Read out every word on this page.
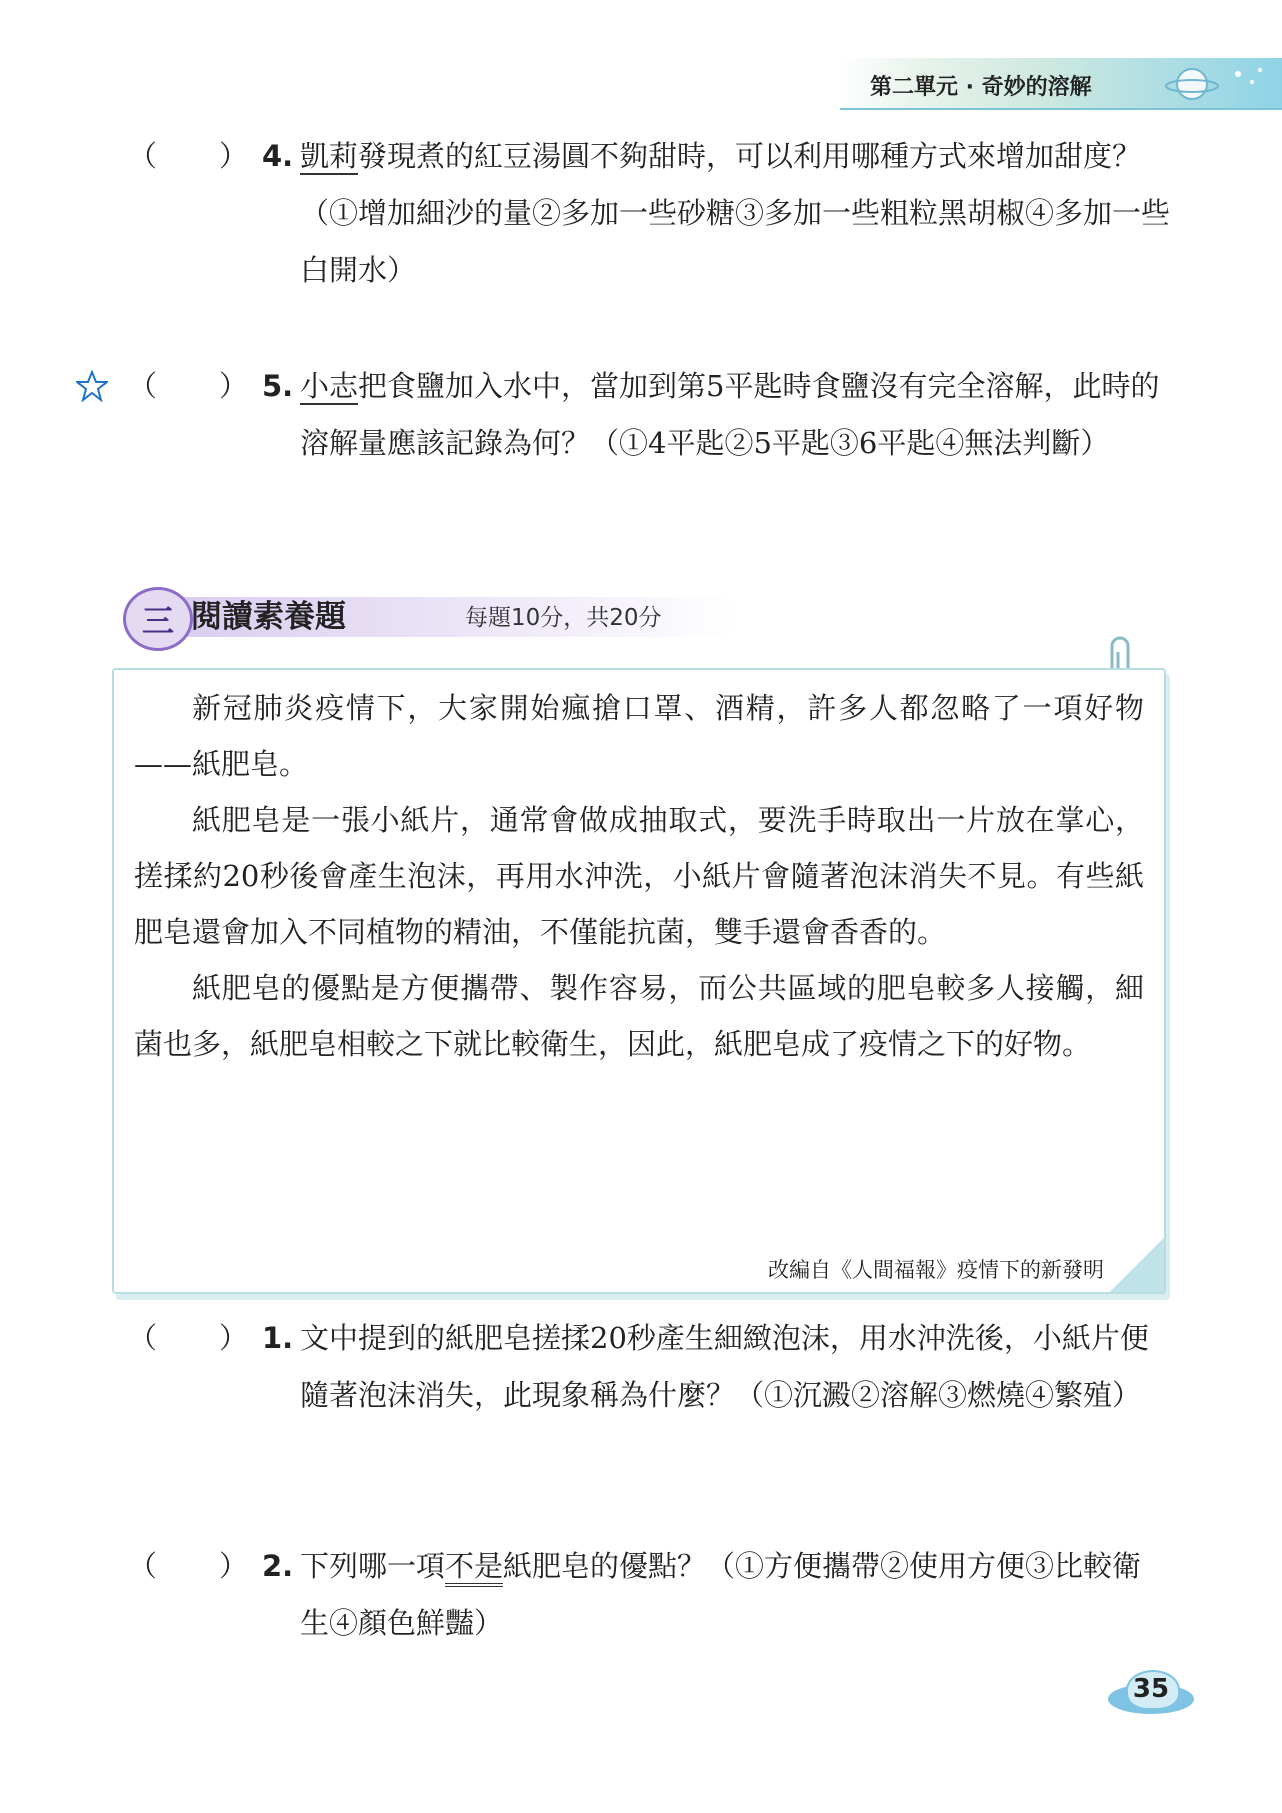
第二單元 · 奇妙的溶解
（ ） 4. 凱莉發現煮的紅豆湯圓不夠甜時，可以利用哪種方式來增加甜度？（①增加細沙的量②多加一些砂糖③多加一些粗粒黑胡椒④多加一些白開水）
（ ） 5. 小志把食鹽加入水中，當加到第5平匙時食鹽沒有完全溶解，此時的溶解量應該記錄為何？（①4平匙②5平匙③6平匙④無法判斷）
三 閱讀素養題	每題10分，共20分

新冠肺炎疫情下，大家開始瘋搶口罩、酒精，許多人都忽略了一項好物——紙肥皂。

紙肥皂是一張小紙片，通常會做成抽取式，要洗手時取出一片放在掌心，搓揉約20秒後會產生泡沫，再用水沖洗，小紙片會隨著泡沫消失不見。有些紙肥皂還會加入不同植物的精油，不僅能抗菌，雙手還會香香的。

紙肥皂的優點是方便攜帶、製作容易，而公共區域的肥皂較多人接觸，細菌也多，紙肥皂相較之下就比較衛生，因此，紙肥皂成了疫情之下的好物。

改編自《人間福報》疫情下的新發明
（ ） 1. 文中提到的紙肥皂搓揉20秒產生細緻泡沫，用水沖洗後，小紙片便隨著泡沫消失，此現象稱為什麼？（①沉澱②溶解③燃燒④繁殖）
（ ） 2. 下列哪一項不是紙肥皂的優點？（①方便攜帶②使用方便③比較衛生④顏色鮮豔）
35
